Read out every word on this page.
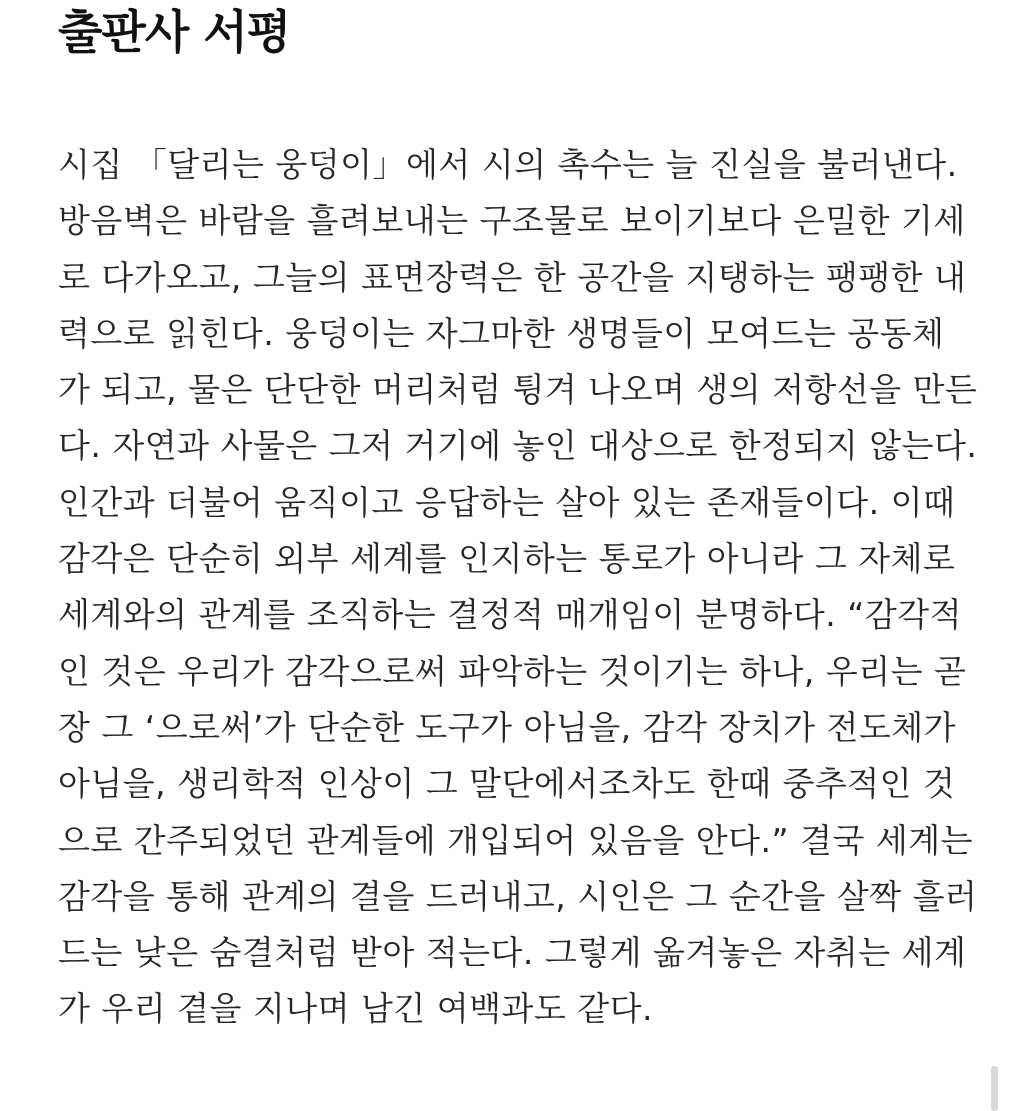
출판사 서평
시집 「달리는 웅덩이」에서 시의 촉수는 늘 진실을 불러낸다.
방음벽은 바람을 흘려보내는 구조물로 보이기보다 은밀한 기세
로 다가오고, 그늘의 표면장력은 한 공간을 지탱하는 팽팽한 내
력으로 읽힌다. 웅덩이는 자그마한 생명들이 모여드는 공동체
가 되고, 물은 단단한 머리처럼 튕겨 나오며 생의 저항선을 만든
다. 자연과 사물은 그저 거기에 놓인 대상으로 한정되지 않는다.
인간과 더불어 움직이고 응답하는 살아 있는 존재들이다. 이때
감각은 단순히 외부 세계를 인지하는 통로가 아니라 그 자체로
세계와의 관계를 조직하는 결정적 매개임이 분명하다. “감각적
인 것은 우리가 감각으로써 파악하는 것이기는 하나, 우리는 곧
장 그 ‘으로써’가 단순한 도구가 아님을, 감각 장치가 전도체가
아님을, 생리학적 인상이 그 말단에서조차도 한때 중추적인 것
으로 간주되었던 관계들에 개입되어 있음을 안다.” 결국 세계는
감각을 통해 관계의 결을 드러내고, 시인은 그 순간을 살짝 흘러
드는 낮은 숨결처럼 받아 적는다. 그렇게 옮겨놓은 자취는 세계
가 우리 곁을 지나며 남긴 여백과도 같다.
